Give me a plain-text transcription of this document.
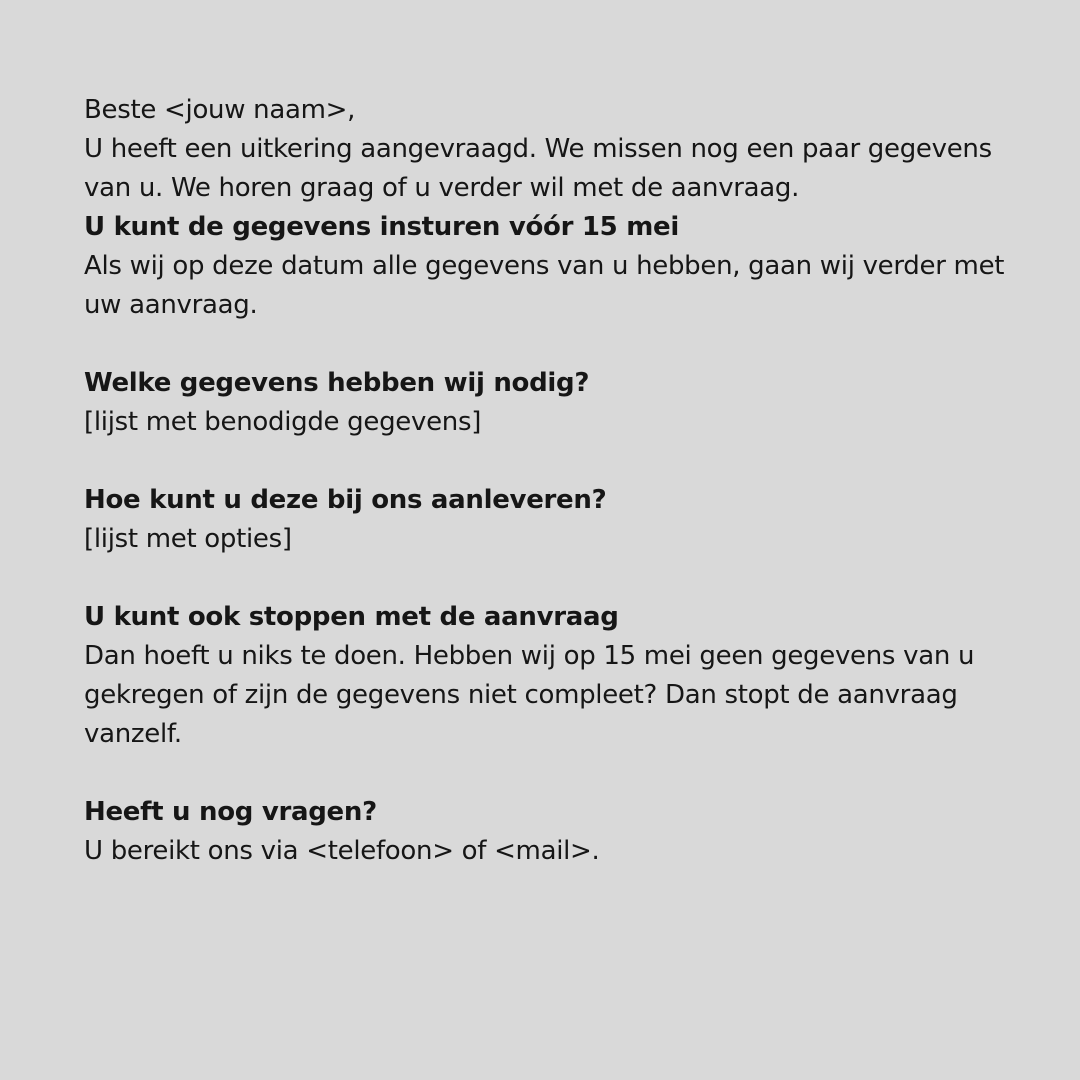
Beste <jouw naam>,

U heeft een uitkering aangevraagd. We missen nog een paar gegevens van u. We horen graag of u verder wil met de aanvraag.

U kunt de gegevens insturen vóór 15 mei

Als wij op deze datum alle gegevens van u hebben, gaan wij verder met uw aanvraag.

Welke gegevens hebben wij nodig?

[lijst met benodigde gegevens]

Hoe kunt u deze bij ons aanleveren?

[lijst met opties]

U kunt ook stoppen met de aanvraag

Dan hoeft u niks te doen. Hebben wij op 15 mei geen gegevens van u gekregen of zijn de gegevens niet compleet? Dan stopt de aanvraag vanzelf.

Heeft u nog vragen?

U bereikt ons via <telefoon> of <mail>.
